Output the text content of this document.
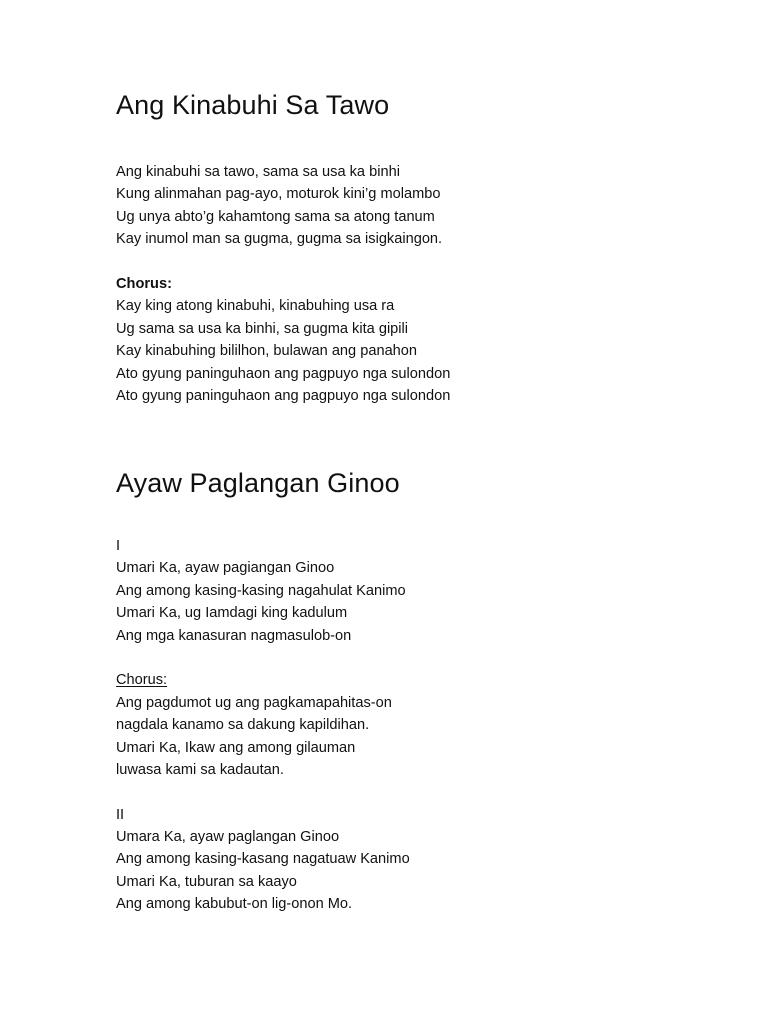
Ang Kinabuhi Sa Tawo
Ang kinabuhi sa tawo, sama sa usa ka binhi
Kung alinmahan pag-ayo, moturok kini’g molambo
Ug unya abto’g kahamtong sama sa atong tanum
Kay inumol man sa gugma, gugma sa isigkaingon.
Chorus:
Kay king atong kinabuhi, kinabuhing usa ra
Ug sama sa usa ka binhi, sa gugma kita gipili
Kay kinabuhing bililhon, bulawan ang panahon
Ato gyung paninguhaon ang pagpuyo nga sulondon
Ato gyung paninguhaon ang pagpuyo nga sulondon
Ayaw Paglangan Ginoo
I
Umari Ka, ayaw pagiangan Ginoo
Ang among kasing-kasing nagahulat Kanimo
Umari Ka, ug Iamdagi king kadulum
Ang mga kanasuran nagmasulob-on
Chorus:
Ang pagdumot ug ang pagkamapahitas-on
nagdala kanamo sa dakung kapildihan.
Umari Ka, Ikaw ang among gilauman
luwasa kami sa kadautan.
II
Umara Ka, ayaw paglangan Ginoo
Ang among kasing-kasang nagatuaw Kanimo
Umari Ka, tuburan sa kaayo
Ang among kabubut-on lig-onon Mo.
